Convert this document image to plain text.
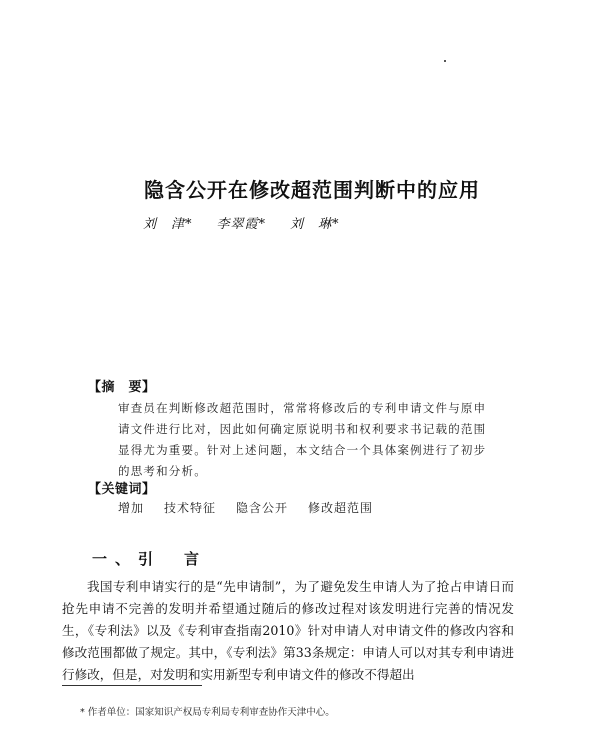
隐含公开在修改超范围判断中的应用
刘　津* 李翠霞* 刘　琳*
【摘　要】
审查员在判断修改超范围时，常常将修改后的专利申请文件与原申请文件进行比对，因此如何确定原说明书和权利要求书记载的范围显得尤为重要。针对上述问题，本文结合一个具体案例进行了初步的思考和分析。
【关键词】
增加 技术特征 隐含公开 修改超范围
一、引　言
我国专利申请实行的是“先申请制”，为了避免发生申请人为了抢占申请日而抢先申请不完善的发明并希望通过随后的修改过程对该发明进行完善的情况发生，《专利法》以及《专利审查指南2010》针对申请人对申请文件的修改内容和修改范围都做了规定。其中，《专利法》第33条规定：申请人可以对其专利申请进行修改，但是，对发明和实用新型专利申请文件的修改不得超出
* 作者单位：国家知识产权局专利局专利审查协作天津中心。
